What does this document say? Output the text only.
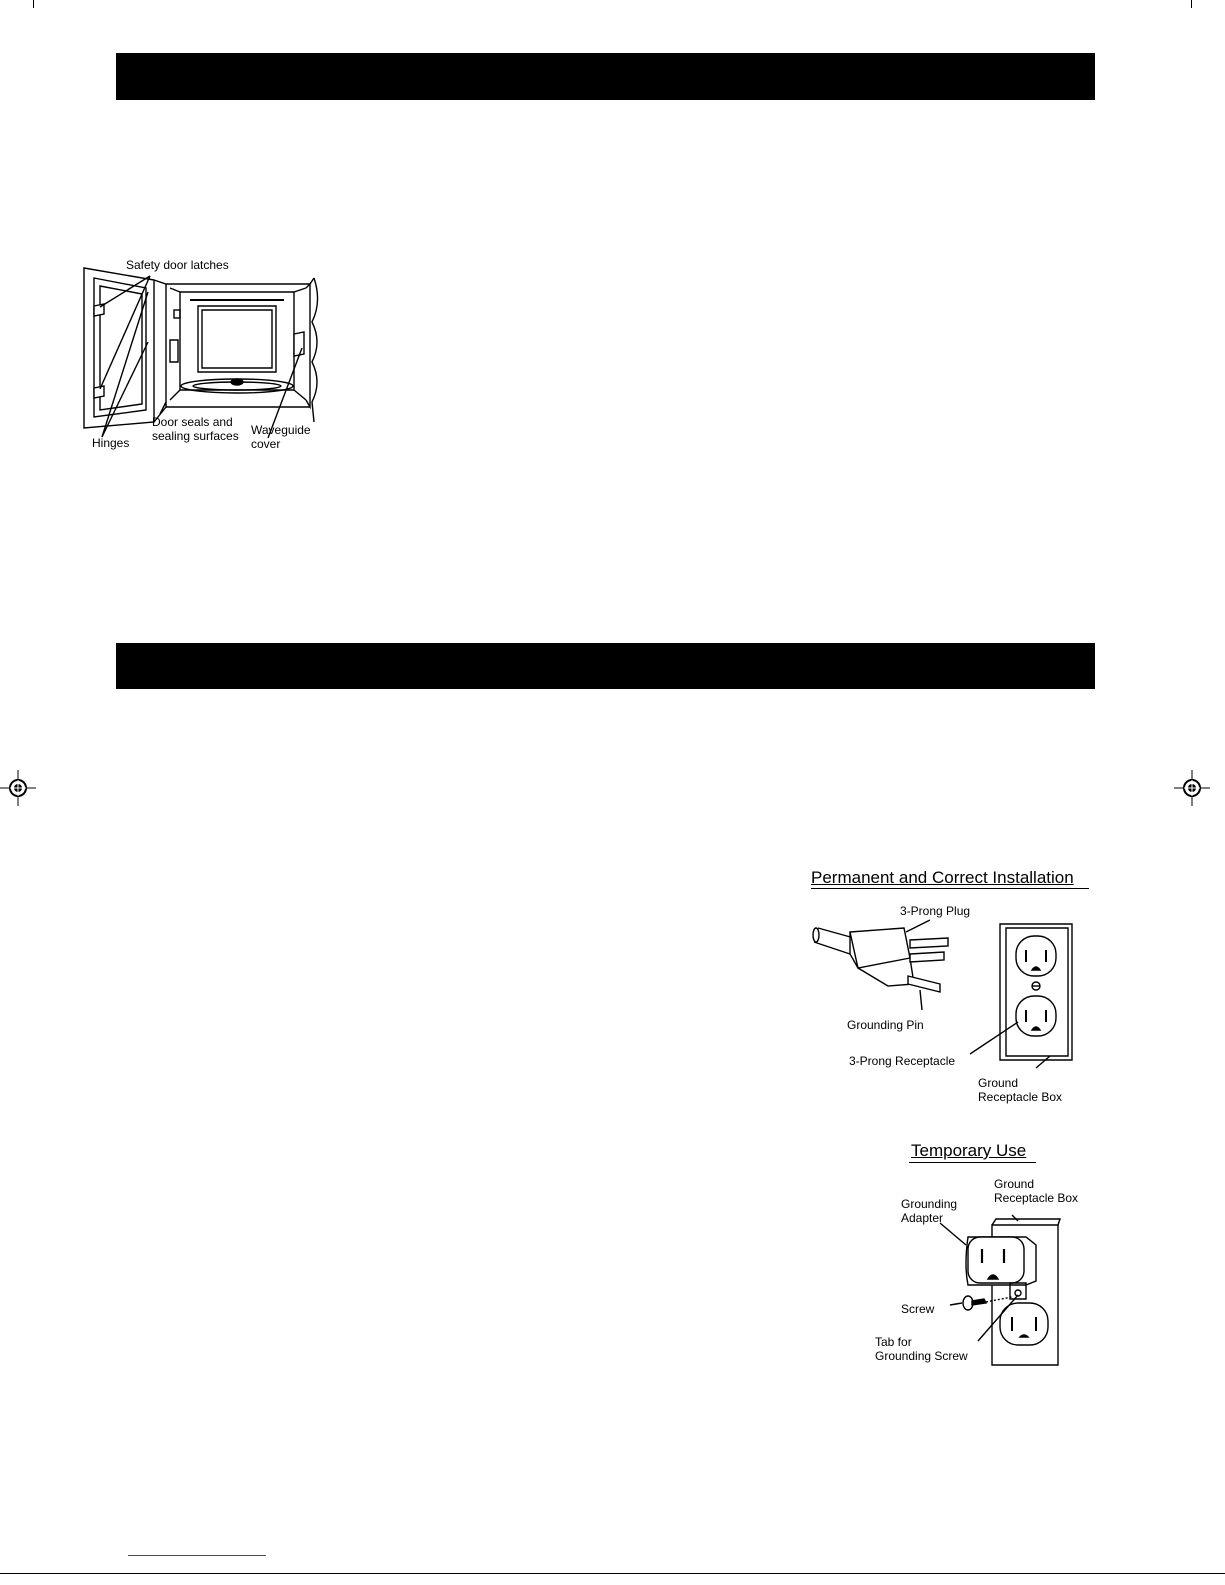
Safety door latches
Hinges
Door seals and
sealing surfaces Waveguide
cover
Permanent and Correct Installation
3-Prong Plug
Grounding Pin
3-Prong Receptacle
Ground
Receptacle Box
Temporary Use
Ground
Receptacle Box
Grounding
Adapter
Screw
Tab for
Grounding Screw
